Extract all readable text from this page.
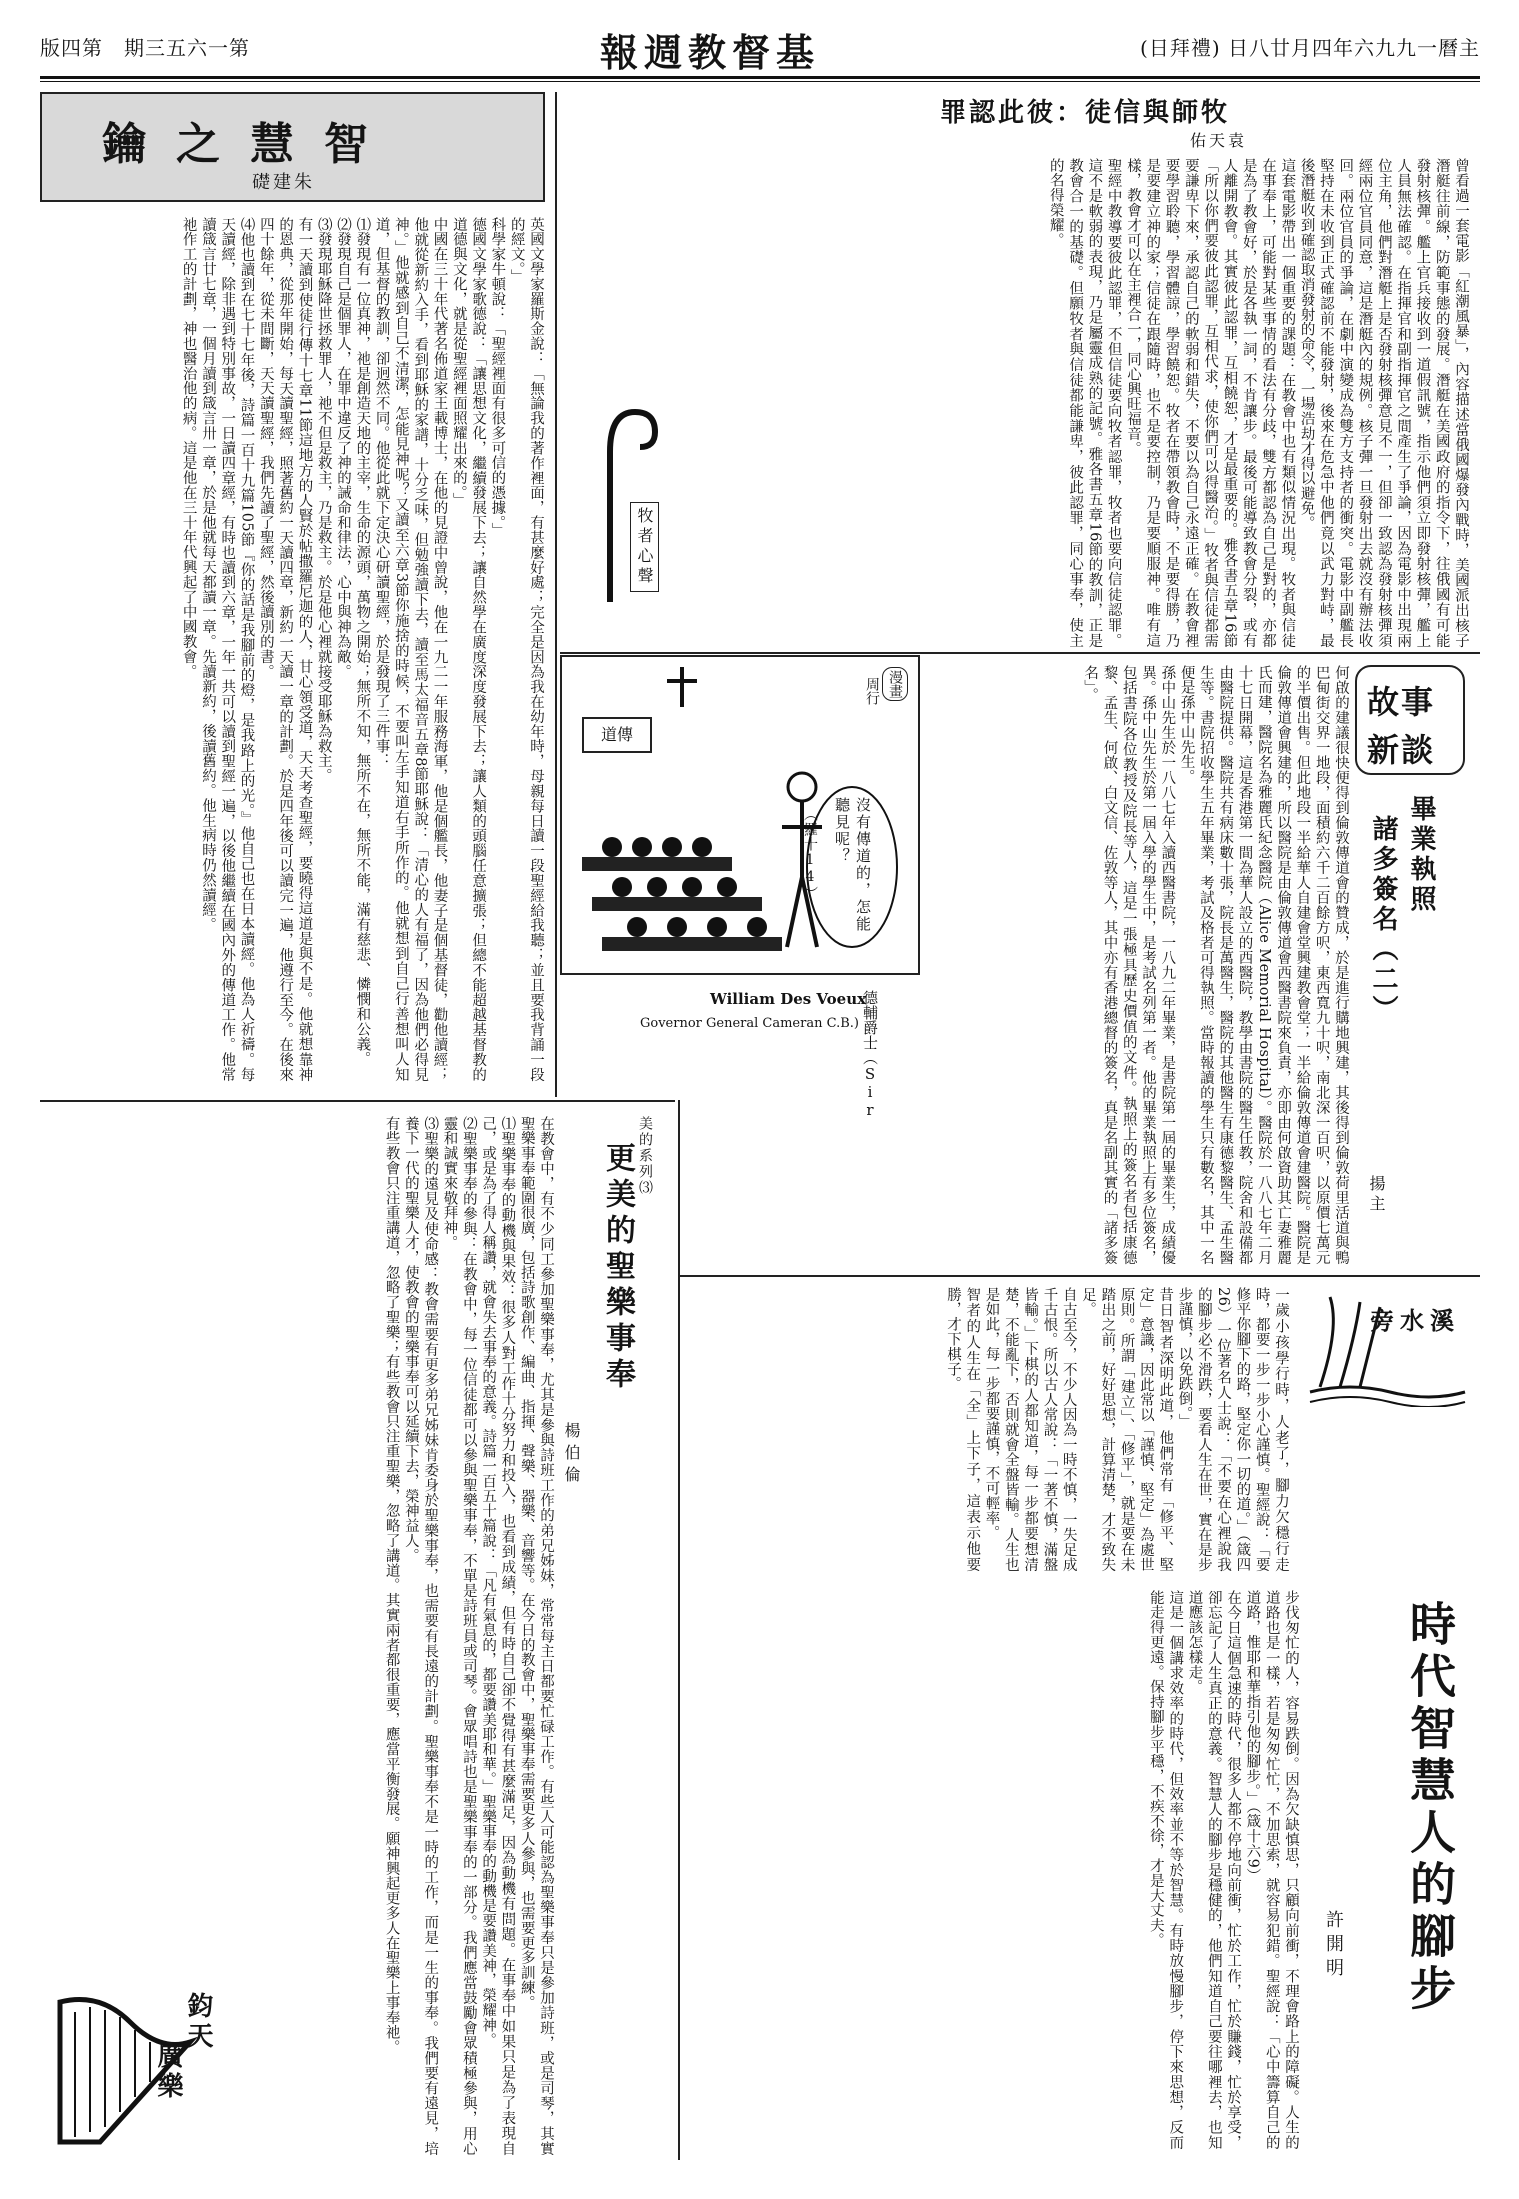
版四第　期三五六一第	報週教督基	(日拜禮) 日八廿月四年六九九一曆主
鑰之慧智
礎建朱
英國文學家羅斯金說：「無論我的著作裡面，有甚麼好處；完全是因為我在幼年時，母親每日讀一段聖經給我聽；並且要我背誦一段的經文。」
科學家牛頓說：「聖經裡面有很多可信的憑據。」
德國文學家歌德說：「讓思想文化，繼續發展下去；讓自然學在廣度深度發展下去；讓人類的頭腦任意擴張；但總不能超越基督教的道德與文化，就是從聖經裡面照耀出來的。」
中國在三十年代著名佈道家王載博士，在他的見證中曾說，他在一九二一年服務海軍，他是個艦長，他妻子是個基督徒，勸他讀經；他就從新約入手，看到耶穌的家譜，十分乏味，但勉強讀下去，讀至馬太福音五章8節耶穌說：「清心的人有福了，因為他們必得見神。」他就感到自己不清潔，怎能見神呢？又讀至六章3節你施捨的時候，不要叫左手知道右手所作的。他就想到自己行善想叫人知道，但基督的教訓，卻迥然不同。他從此就下定決心研讀聖經，於是發現了三件事：
⑴發現有一位真神，祂是創造天地的主宰，生命的源頭，萬物之開始；無所不知，無所不在，無所不能，滿有慈悲、憐憫和公義。
⑵發現自己是個罪人，在罪中違反了神的誡命和律法，心中與神為敵。
⑶發現耶穌降世拯救罪人，祂不但是救主，乃是救主。於是他心裡就接受耶穌為救主。
有一天讀到使徒行傳十七章11節這地方的人賢於帖撒羅尼迦的人，甘心領受道，天天考查聖經，要曉得這道是與不是。他就想靠神的恩典，從那年開始，每天讀聖經，照著舊約一天讀四章，新約一天讀一章的計劃。於是四年後可以讀完一遍，他遵行至今。在後來四十餘年，從未間斷，天天讀聖經，我們先讀了聖經，然後讀別的書。
⑷他也讀到在七十七年後，詩篇一百十九篇105節『你的話是我腳前的燈，是我路上的光。』他自己也在日本讀經。他為人祈禱。每天讀經，除非遇到特別事故，一日讀四章經，有時也讀到六章，一年一共可以讀到聖經一遍，以後他繼續在國內外的傳道工作。他常讀箴言廿七章，一個月讀到箴言卅一章，於是他就每天都讀一章。先讀新約，後讀舊約。他生病時仍然讀經。
祂作工的計劃，神也醫治他的病。這是他在三十年代興起了中國教會。
罪認此彼：徒信與師牧
佑天袁
曾看過一套電影「紅潮風暴」，內容描述當俄國爆發內戰時，美國派出核子潛艇往前線，防範事態的發展。潛艇在美國政府的指令下，往俄國有可能發射核彈。艦上官兵接收到一道假訊號，指示他們須立即發射核彈，艦上人員無法確認。在指揮官和副指揮官之間產生了爭論，因為電影中出現兩位主角，他們對潛艇上是否發射核彈意見不一，但卻一致認為發射核彈須經兩位官員同意，這是潛艇內的規例。核子彈一旦發射出去就沒有辦法收回。兩位官員的爭論，在劇中演變成為雙方支持者的衝突。電影中副艦長堅持在未收到正式確認前不能發射，後來在危急中他們竟以武力對峙，最後潛艇收到確認取消發射的命令，一場浩劫才得以避免。
這套電影帶出一個重要的課題：在教會中也有類似情況出現。牧者與信徒在事奉上，可能對某些事情的看法有分歧，雙方都認為自己是對的，亦都是為了教會好，於是各執一詞，不肯讓步。最後可能導致教會分裂，或有人離開教會。其實彼此認罪，互相饒恕，才是最重要的。雅各書五章16節「所以你們要彼此認罪，互相代求，使你們可以得醫治。」牧者與信徒都需要謙卑下來，承認自己的軟弱和錯失，不要以為自己永遠正確。在教會裡要學習聆聽，學習體諒，學習饒恕。牧者在帶領教會時，不是要得勝，乃是要建立神的家；信徒在跟隨時，也不是要控制，乃是要順服神。唯有這樣，教會才可以在主裡合一，同心興旺福音。
聖經中教導要彼此認罪，不但信徒要向牧者認罪，牧者也要向信徒認罪。這不是軟弱的表現，乃是屬靈成熟的記號。雅各書五章16節的教訓，正是教會合一的基礎。但願牧者與信徒都能謙卑，彼此認罪，同心事奉，使主的名得榮耀。
牧者心聲
道傳
沒有傳道的，怎能聽見呢？
（羅十14）
周行 漫畫	故事
新談
畢業執照
諸多簽名（二）
揚主
何啟的建議很快便得到倫敦傳道會的贊成，於是進行購地興建，其後得到倫敦荷里活道與鴨巴甸街交界一地段，面積約六千二百餘方呎，東西寬九十呎，南北深一百呎，以原價七萬元的半價出售。但此地段一半給華人自建會堂興建教會堂；一半給倫敦傳道會建醫院。醫院是倫敦傳道會興建的，所以醫院是由倫敦傳道會西醫書院來負責，亦即由何啟資助其亡妻雅麗氏而建，醫院名為雅麗氏紀念醫院（Alice Memorial Hospital）。醫院於一八八七年二月十七日開幕，這是香港第一間為華人設立的西醫院，教學由書院的醫生任教，院舍和設備都由醫院提供。醫院共有病床數十張，院長是萬醫生，醫院的其他醫生有康德黎醫生、孟生醫生等。書院招收學生五年畢業，考試及格者可得執照。當時報讀的學生只有數名，其中一名便是孫中山先生。
孫中山先生於一八八七年入讀西醫書院，一八九二年畢業，是書院第一屆的畢業生，成績優異。孫中山先生於第一屆入學的學生中，是考試名列第一者。他的畢業執照上有多位簽名，包括書院各位教授及院長等人，這是一張極具歷史價值的文件。執照上的簽名者包括康德黎、孟生、何啟、白文信、佐敦等人，其中亦有香港總督的簽名，真是名副其實的「諸多簽名」。
德輔爵士（Sir
William Des Voeux
Governor General Cameran C.B.)
美的系列⑶
更美的聖樂事奉
楊伯倫
在教會中，有不少同工參加聖樂事奉，尤其是參與詩班工作的弟兄姊妹，常常每主日都要忙碌工作。有些人可能認為聖樂事奉只是參加詩班，或是司琴，其實聖樂事奉範圍很廣，包括詩歌創作、編曲、指揮、聲樂、器樂、音響等。在今日的教會中，聖樂事奉需要更多人參與，也需要更多訓練。
⑴聖樂事奉的動機與果效：很多人對工作十分努力和投入，也看到成績，但有時自己卻不覺得有甚麼滿足，因為動機有問題。在事奉中如果只是為了表現自己，或是為了得人稱讚，就會失去事奉的意義。詩篇一百五十篇說：「凡有氣息的，都要讚美耶和華。」聖樂事奉的動機是要讚美神，榮耀神。
⑵聖樂事奉的參與：在教會中，每一位信徒都可以參與聖樂事奉，不單是詩班員或司琴。會眾唱詩也是聖樂事奉的一部分。我們應當鼓勵會眾積極參與，用心靈和誠實來敬拜神。
⑶聖樂的遠見及使命感：教會需要有更多弟兄姊妹肯委身於聖樂事奉，也需要有長遠的計劃。聖樂事奉不是一時的工作，而是一生的事奉。我們要有遠見，培養下一代的聖樂人才，使教會的聖樂事奉可以延續下去，榮神益人。
有些教會只注重講道，忽略了聖樂；有些教會只注重聖樂，忽略了講道。其實兩者都很重要，應當平衡發展。願神興起更多人在聖樂上事奉祂。
鈞天
廣樂
旁水溪
一歲小孩學行時，人老了，腳力欠穩行走時，都要一步一步小心謹慎。聖經說：「要修平你腳下的路，堅定你一切的道。」（箴四26）一位著名人士說：「不要在心裡說我的腳步必不滑跌，要看人生在世，實在是步步謹慎，以免跌倒。」
昔日智者深明此道，他們常有「修平、堅定」意識，因此常以「謹慎、堅定」為處世原則。所謂「建立」、「修平」，就是要在未踏出之前，好好思想，計算清楚，才不致失足。
自古至今，不少人因為一時不慎，一失足成千古恨。所以古人常說：「一著不慎，滿盤皆輸。」下棋的人都知道，每一步都要想清楚，不能亂下，否則就會全盤皆輸。人生也是如此，每一步都要謹慎，不可輕率。
智者的人生在「全」上下子，這表示他要勝，才下棋子。
時代智慧人的腳步
許開明
步伐匆忙的人，容易跌倒。因為欠缺慎思，只顧向前衝，不理會路上的障礙。人生的道路也是一樣，若是匆匆忙忙，不加思索，就容易犯錯。聖經說：「心中籌算自己的道路，惟耶和華指引他的腳步。」（箴十六9）
在今日這個急速的時代，很多人都不停地向前衝，忙於工作，忙於賺錢，忙於享受，卻忘記了人生真正的意義。智慧人的腳步是穩健的，他們知道自己要往哪裡去，也知道應該怎樣走。
這是一個講求效率的時代，但效率並不等於智慧。有時放慢腳步，停下來思想，反而能走得更遠。保持腳步平穩，不疾不徐，才是大丈夫。
